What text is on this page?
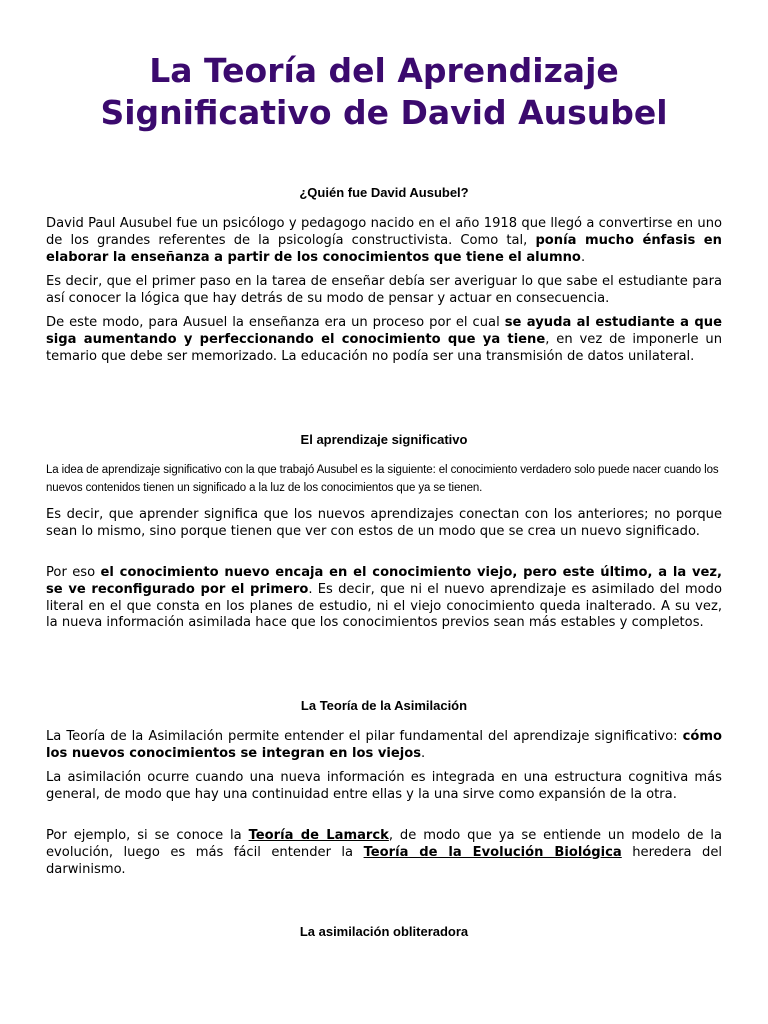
La Teoría del Aprendizaje Significativo de David Ausubel
¿Quién fue David Ausubel?

David Paul Ausubel fue un psicólogo y pedagogo nacido en el año 1918 que llegó a convertirse en uno de los grandes referentes de la psicología constructivista. Como tal, ponía mucho énfasis en elaborar la enseñanza a partir de los conocimientos que tiene el alumno.

Es decir, que el primer paso en la tarea de enseñar debía ser averiguar lo que sabe el estudiante para así conocer la lógica que hay detrás de su modo de pensar y actuar en consecuencia.

De este modo, para Ausuel la enseñanza era un proceso por el cual se ayuda al estudiante a que siga aumentando y perfeccionando el conocimiento que ya tiene, en vez de imponerle un temario que debe ser memorizado. La educación no podía ser una transmisión de datos unilateral.

El aprendizaje significativo

La idea de aprendizaje significativo con la que trabajó Ausubel es la siguiente: el conocimiento verdadero solo puede nacer cuando los nuevos contenidos tienen un significado a la luz de los conocimientos que ya se tienen.

Es decir, que aprender significa que los nuevos aprendizajes conectan con los anteriores; no porque sean lo mismo, sino porque tienen que ver con estos de un modo que se crea un nuevo significado.

Por eso el conocimiento nuevo encaja en el conocimiento viejo, pero este último, a la vez, se ve reconfigurado por el primero. Es decir, que ni el nuevo aprendizaje es asimilado del modo literal en el que consta en los planes de estudio, ni el viejo conocimiento queda inalterado. A su vez, la nueva información asimilada hace que los conocimientos previos sean más estables y completos.

La Teoría de la Asimilación

La Teoría de la Asimilación permite entender el pilar fundamental del aprendizaje significativo: cómo los nuevos conocimientos se integran en los viejos.

La asimilación ocurre cuando una nueva información es integrada en una estructura cognitiva más general, de modo que hay una continuidad entre ellas y la una sirve como expansión de la otra.

Por ejemplo, si se conoce la Teoría de Lamarck, de modo que ya se entiende un modelo de la evolución, luego es más fácil entender la Teoría de la Evolución Biológica heredera del darwinismo.

La asimilación obliteradora
